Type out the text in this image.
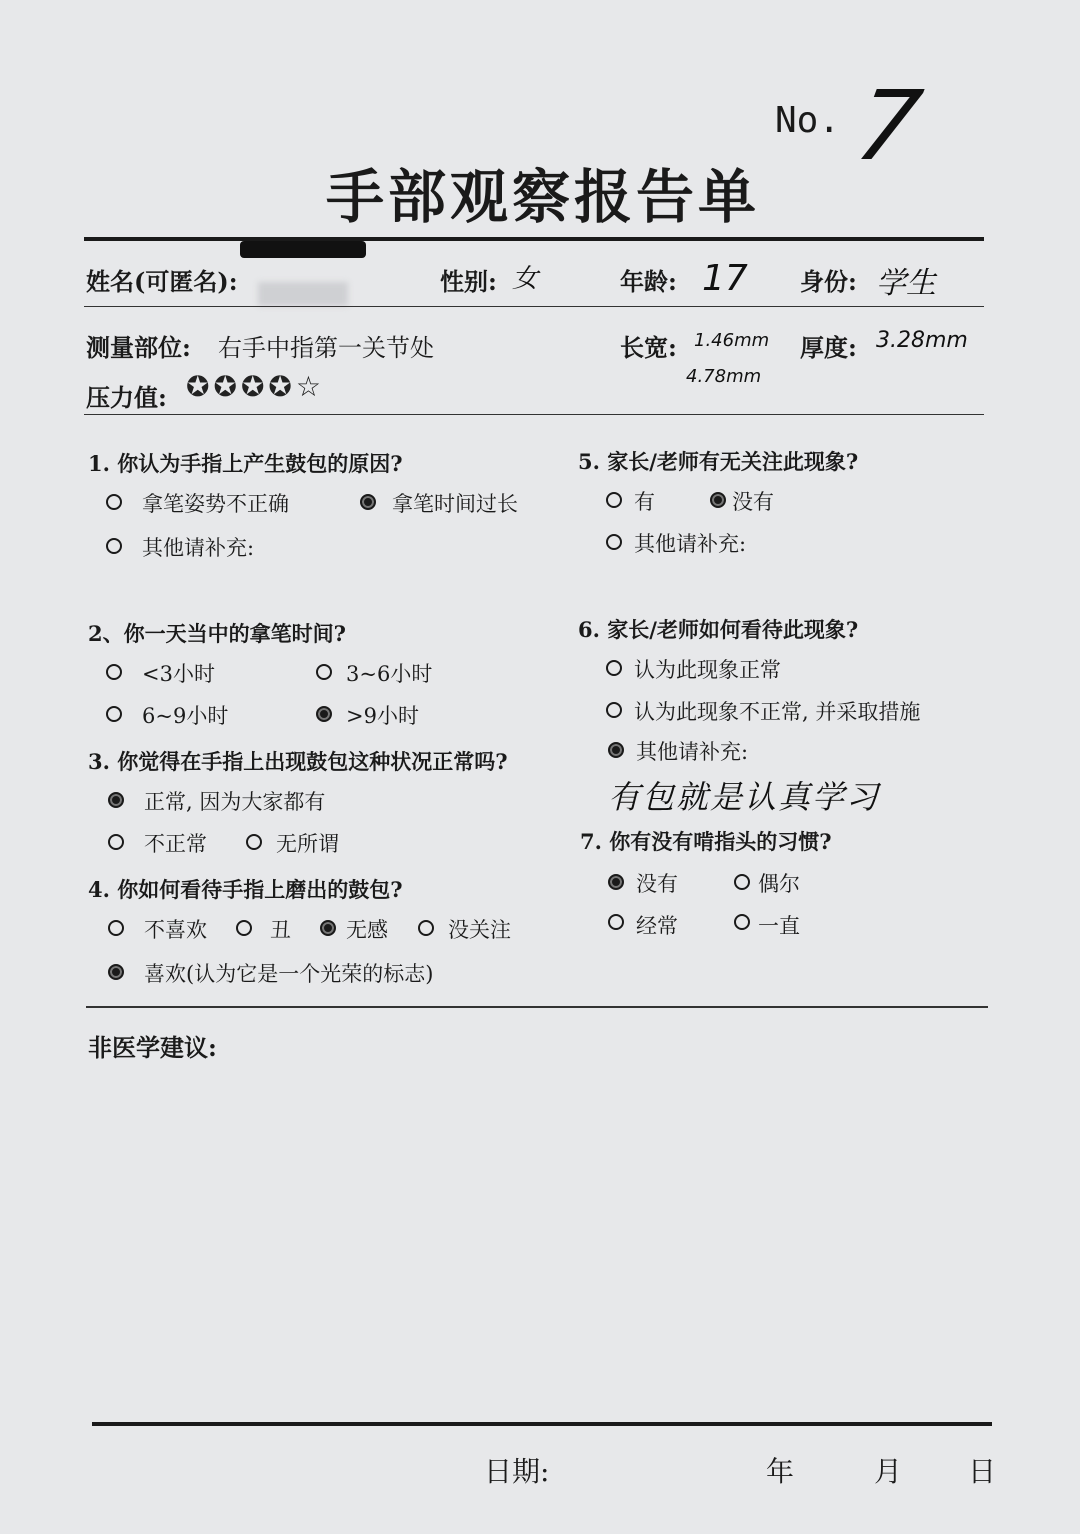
No. 7
手部观察报告单
姓名(可匿名):	性别: 女	年龄: 17 身份: 学生
测量部位: 右手中指第一关节处	长宽: 1.46mm
4.78mm
厚度: 3.28mm
压力值: ✪ ✪ ✪ ✪ ☆
1. 你认为手指上产生鼓包的原因?
拿笔姿势不正确	拿笔时间过长
其他请补充:
2、你一天当中的拿笔时间?
<3小时	3~6小时
6~9小时	>9小时
3. 你觉得在手指上出现鼓包这种状况正常吗?
正常, 因为大家都有
不正常	无所谓
4. 你如何看待手指上磨出的鼓包?
不喜欢	丑	无感	没关注
喜欢(认为它是一个光荣的标志)
5. 家长/老师有无关注此现象?
有	没有
其他请补充:
6. 家长/老师如何看待此现象?
认为此现象正常
认为此现象不正常, 并采取措施
其他请补充:
有包就是认真学习
7. 你有没有啃指头的习惯?
没有	偶尔
经常	一直
非医学建议:
日期:	年	月 日
